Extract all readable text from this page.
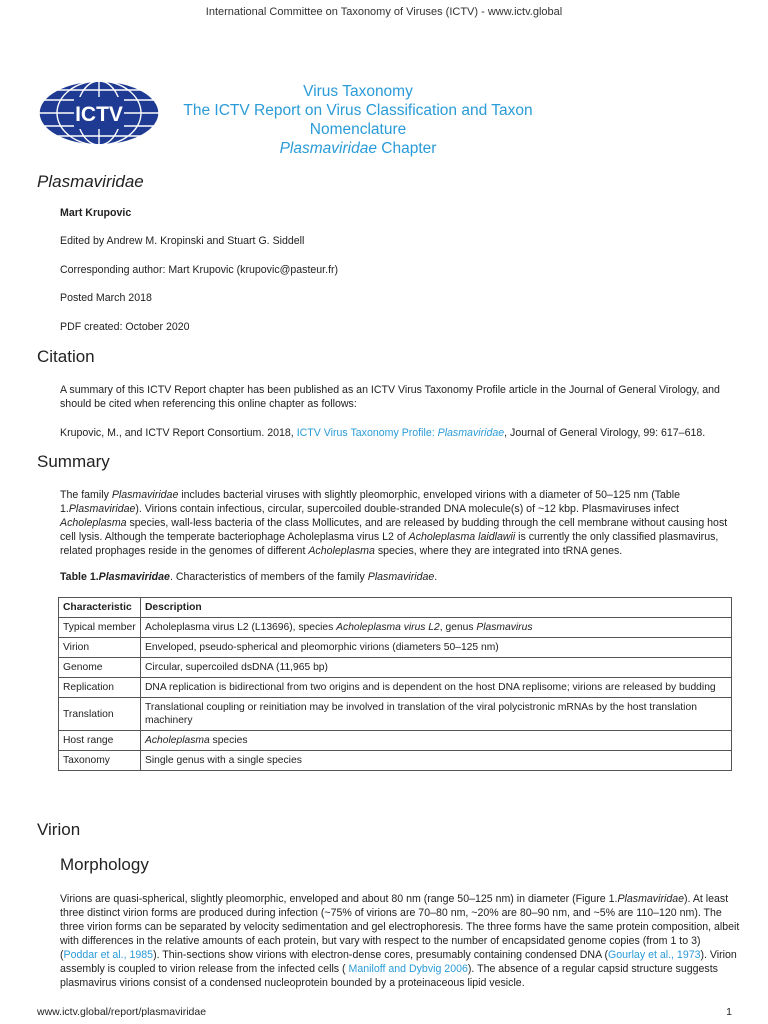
International Committee on Taxonomy of Viruses (ICTV) - www.ictv.global
ICTV
Virus Taxonomy
The ICTV Report on Virus Classification and Taxon Nomenclature
Plasmaviridae Chapter
Plasmaviridae
Mart Krupovic
Edited by Andrew M. Kropinski and Stuart G. Siddell
Corresponding author: Mart Krupovic (krupovic@pasteur.fr)
Posted March 2018
PDF created: October 2020
Citation
A summary of this ICTV Report chapter has been published as an ICTV Virus Taxonomy Profile article in the Journal of General Virology, and should be cited when referencing this online chapter as follows:
Krupovic, M., and ICTV Report Consortium. 2018, ICTV Virus Taxonomy Profile: Plasmaviridae, Journal of General Virology, 99: 617–618.
Summary
The family Plasmaviridae includes bacterial viruses with slightly pleomorphic, enveloped virions with a diameter of 50–125 nm (Table 1.Plasmaviridae). Virions contain infectious, circular, supercoiled double-stranded DNA molecule(s) of ~12 kbp. Plasmaviruses infect Acholeplasma species, wall-less bacteria of the class Mollicutes, and are released by budding through the cell membrane without causing host cell lysis. Although the temperate bacteriophage Acholeplasma virus L2 of Acholeplasma laidlawii is currently the only classified plasmavirus, related prophages reside in the genomes of different Acholeplasma species, where they are integrated into tRNA genes.
Table 1.Plasmaviridae. Characteristics of members of the family Plasmaviridae.
Characteristic	Description
Typical member	Acholeplasma virus L2 (L13696), species Acholeplasma virus L2, genus Plasmavirus
Virion	Enveloped, pseudo-spherical and pleomorphic virions (diameters 50–125 nm)
Genome	Circular, supercoiled dsDNA (11,965 bp)
Replication	DNA replication is bidirectional from two origins and is dependent on the host DNA replisome; virions are released by budding
Translation	Translational coupling or reinitiation may be involved in translation of the viral polycistronic mRNAs by the host translation machinery
Host range	Acholeplasma species
Taxonomy	Single genus with a single species
Virion
Morphology
Virions are quasi-spherical, slightly pleomorphic, enveloped and about 80 nm (range 50–125 nm) in diameter (Figure 1.Plasmaviridae). At least three distinct virion forms are produced during infection (~75% of virions are 70–80 nm, ~20% are 80–90 nm, and ~5% are 110–120 nm). The three virion forms can be separated by velocity sedimentation and gel electrophoresis. The three forms have the same protein composition, albeit with differences in the relative amounts of each protein, but vary with respect to the number of encapsidated genome copies (from 1 to 3) (Poddar et al., 1985). Thin-sections show virions with electron-dense cores, presumably containing condensed DNA (Gourlay et al., 1973). Virion assembly is coupled to virion release from the infected cells ( Maniloff and Dybvig 2006). The absence of a regular capsid structure suggests plasmavirus virions consist of a condensed nucleoprotein bounded by a proteinaceous lipid vesicle.
www.ictv.global/report/plasmaviridae	1
